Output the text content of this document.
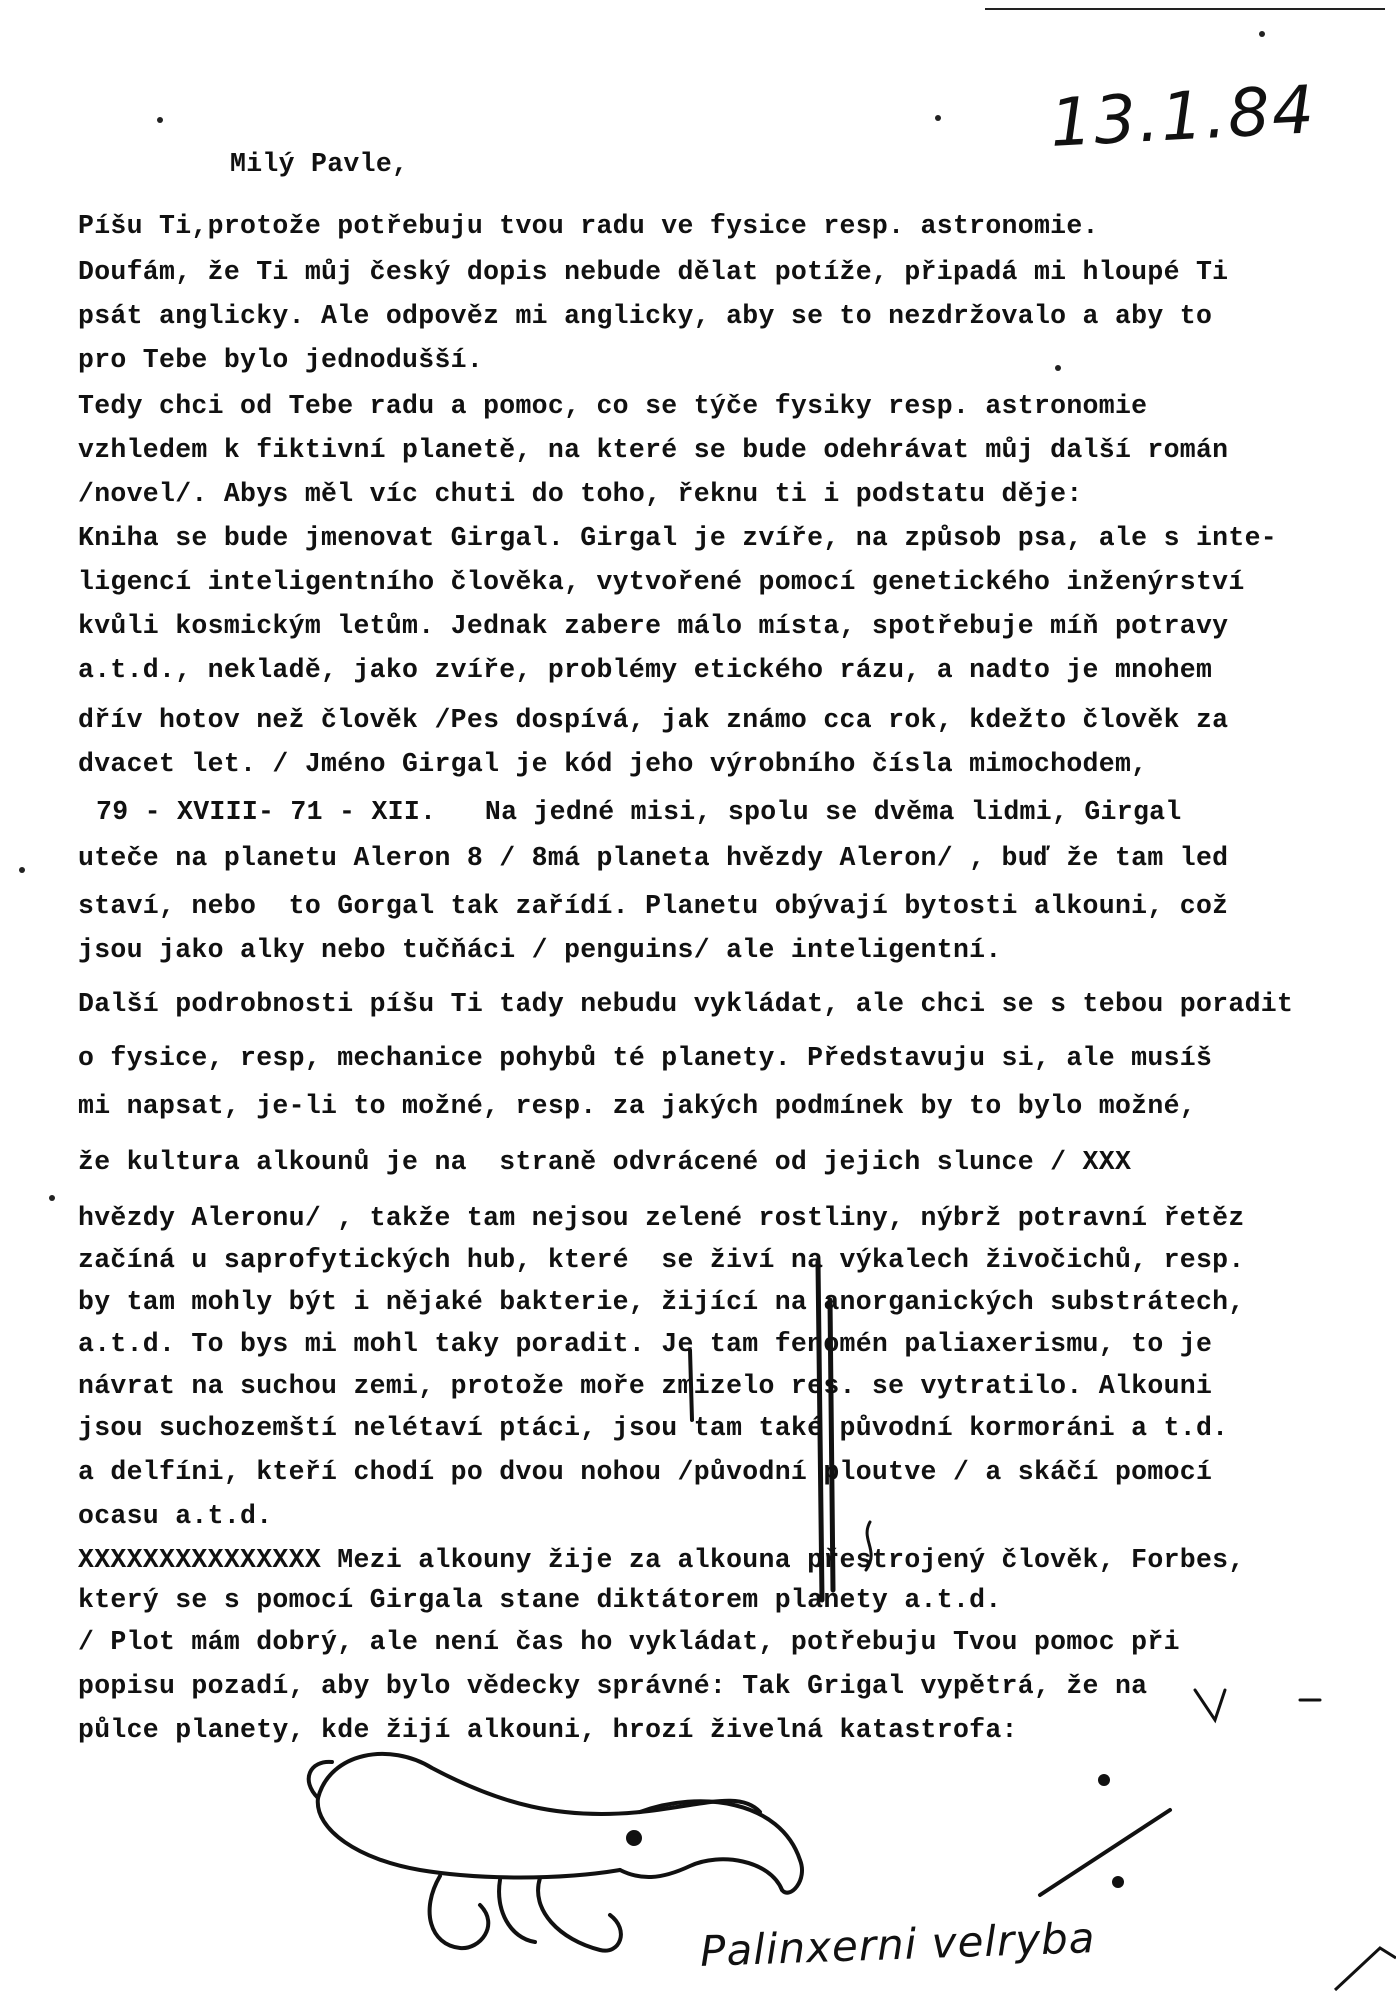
13.1.84
Milý Pavle,
Píšu Ti,protože potřebuju tvou radu ve fysice resp. astronomie.
Doufám, že Ti můj český dopis nebude dělat potíže, připadá mi hloupé Ti
psát anglicky. Ale odpověz mi anglicky, aby se to nezdržovalo a aby to
pro Tebe bylo jednodušší.
Tedy chci od Tebe radu a pomoc, co se týče fysiky resp. astronomie
vzhledem k fiktivní planetě, na které se bude odehrávat můj další román
/novel/. Abys měl víc chuti do toho, řeknu ti i podstatu děje:
Kniha se bude jmenovat Girgal. Girgal je zvíře, na způsob psa, ale s inte-
ligencí inteligentního člověka, vytvořené pomocí genetického inženýrství
kvůli kosmickým letům. Jednak zabere málo místa, spotřebuje míň potravy
a.t.d., nekladě, jako zvíře, problémy etického rázu, a nadto je mnohem
dřív hotov než člověk /Pes dospívá, jak známo cca rok, kdežto člověk za
dvacet let. / Jméno Girgal je kód jeho výrobního čísla mimochodem,
79 - XVIII- 71 - XII.   Na jedné misi, spolu se dvěma lidmi, Girgal
uteče na planetu Aleron 8 / 8má planeta hvězdy Aleron/ , buď že tam led
staví, nebo  to Gorgal tak zařídí. Planetu obývají bytosti alkouni, což
jsou jako alky nebo tučňáci / penguins/ ale inteligentní.
Další podrobnosti píšu Ti tady nebudu vykládat, ale chci se s tebou poradit
o fysice, resp, mechanice pohybů té planety. Představuju si, ale musíš
mi napsat, je-li to možné, resp. za jakých podmínek by to bylo možné,
že kultura alkounů je na  straně odvrácené od jejich slunce / XXX
hvězdy Aleronu/ , takže tam nejsou zelené rostliny, nýbrž potravní řetěz
začíná u saprofytických hub, které  se živí na výkalech živočichů, resp.
by tam mohly být i nějaké bakterie, žijící na anorganických substrátech,
a.t.d. To bys mi mohl taky poradit. Je tam fenomén paliaxerismu, to je
návrat na suchou zemi, protože moře zmizelo res. se vytratilo. Alkouni
jsou suchozemští nelétaví ptáci, jsou tam také původní kormoráni a t.d.
a delfíni, kteří chodí po dvou nohou /původní ploutve / a skáčí pomocí
ocasu a.t.d.
XXXXXXXXXXXXXXX Mezi alkouny žije za alkouna přestrojený člověk, Forbes,
který se s pomocí Girgala stane diktátorem planety a.t.d.
/ Plot mám dobrý, ale není čas ho vykládat, potřebuju Tvou pomoc při
popisu pozadí, aby bylo vědecky správné: Tak Grigal vypětrá, že na
půlce planety, kde žijí alkouni, hrozí živelná katastrofa:
Palinxerni velryba
